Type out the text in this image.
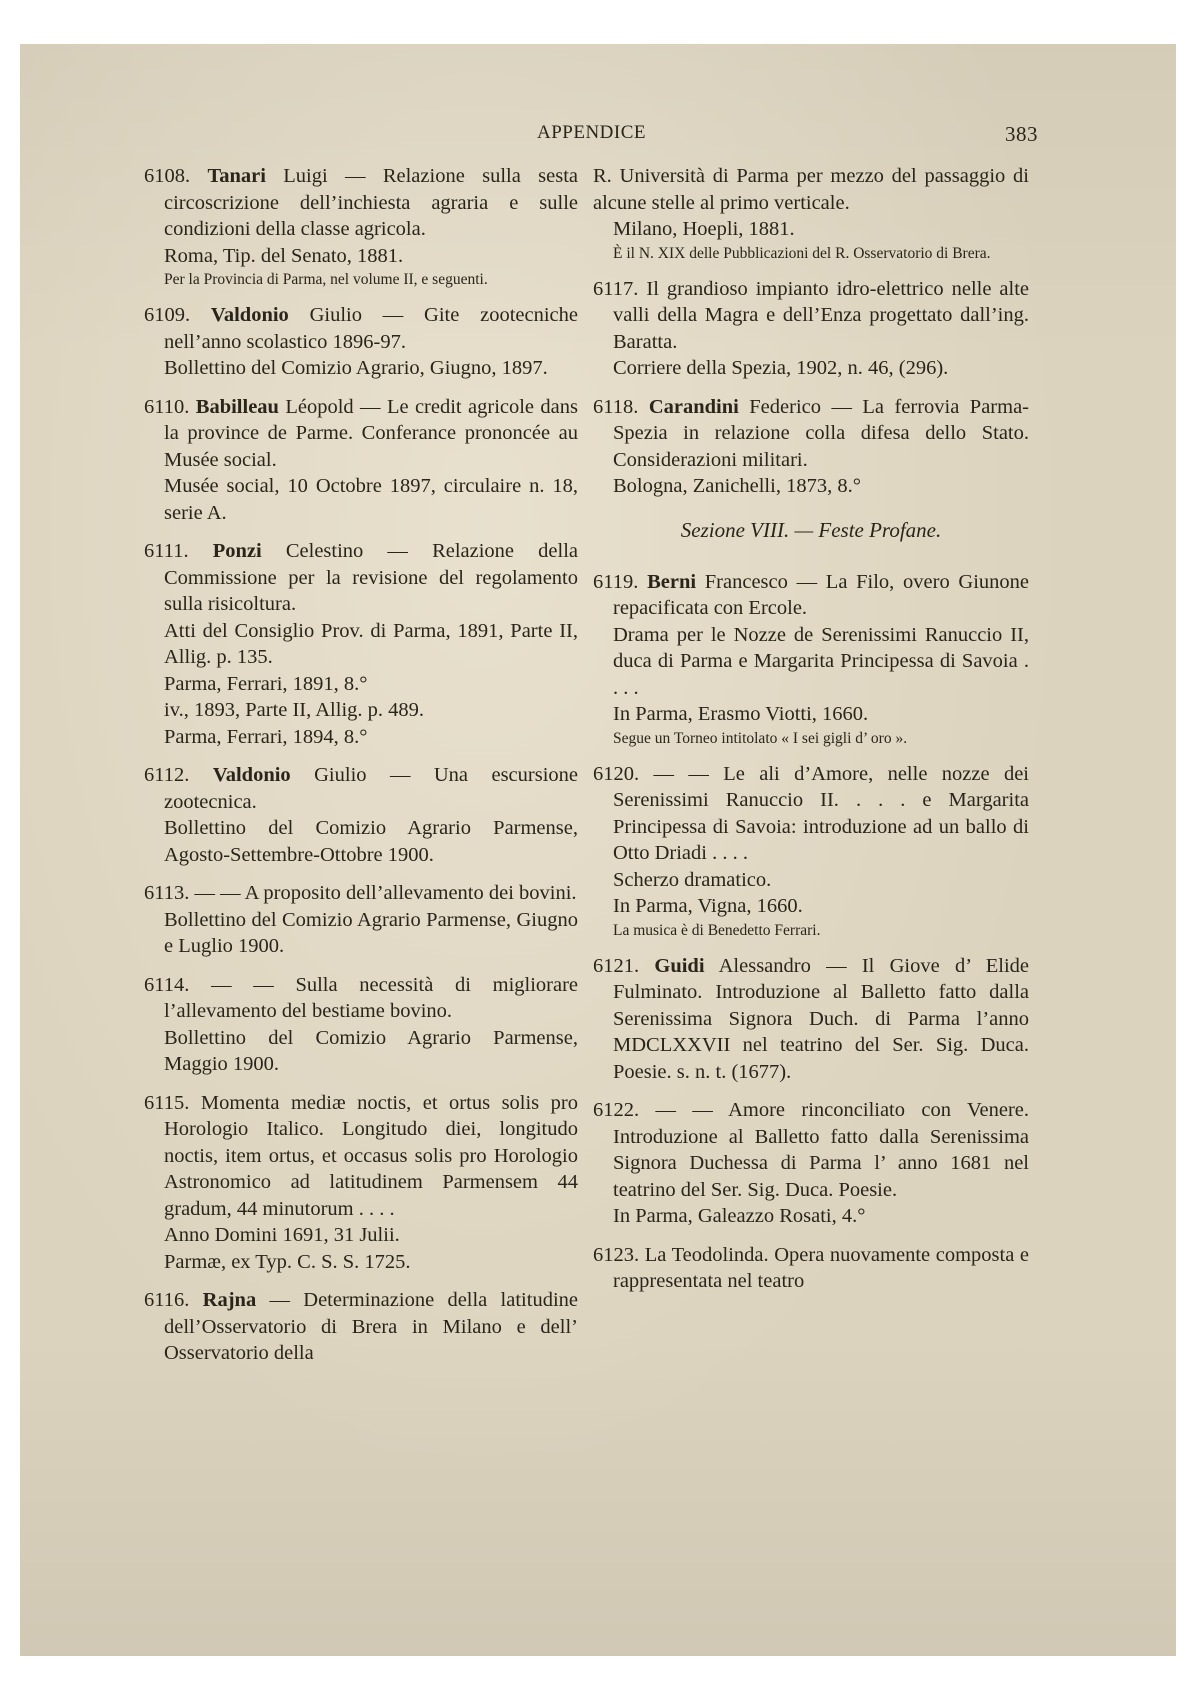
APPENDICE	383

6108. Tanari Luigi — Relazione sulla sesta circoscrizione dell’inchiesta agraria e sulle condizioni della classe agricola.

Roma, Tip. del Senato, 1881.

Per la Provincia di Parma, nel volume II, e seguenti.

6109. Valdonio Giulio — Gite zootecniche nell’anno scolastico 1896-97.

Bollettino del Comizio Agrario, Giugno, 1897.

6110. Babilleau Léopold — Le credit agricole dans la province de Parme. Conferance prononcée au Musée social.

Musée social, 10 Octobre 1897, circulaire n. 18, serie A.

6111. Ponzi Celestino — Relazione della Commissione per la revisione del regolamento sulla risicoltura.

Atti del Consiglio Prov. di Parma, 1891, Parte II, Allig. p. 135.

Parma, Ferrari, 1891, 8.°

iv., 1893, Parte II, Allig. p. 489.

Parma, Ferrari, 1894, 8.°

6112. Valdonio Giulio — Una escursione zootecnica.

Bollettino del Comizio Agrario Parmense, Agosto-Settembre-Ottobre 1900.

6113. — — A proposito dell’allevamento dei bovini.

Bollettino del Comizio Agrario Parmense, Giugno e Luglio 1900.

6114. — — Sulla necessità di migliorare l’allevamento del bestiame bovino.

Bollettino del Comizio Agrario Parmense, Maggio 1900.

6115. Momenta mediæ noctis, et ortus solis pro Horologio Italico. Longitudo diei, longitudo noctis, item ortus, et occasus solis pro Horologio Astronomico ad latitudinem Parmensem 44 gradum, 44 minutorum . . . .

Anno Domini 1691, 31 Julii.

Parmæ, ex Typ. C. S. S. 1725.

6116. Rajna — Determinazione della latitudine dell’Osservatorio di Brera in Milano e dell’ Osservatorio della

R. Università di Parma per mezzo del passaggio di alcune stelle al primo verticale.

Milano, Hoepli, 1881.

È il N. XIX delle Pubblicazioni del R. Osservatorio di Brera.

6117. Il grandioso impianto idro-elettrico nelle alte valli della Magra e dell’Enza progettato dall’ing. Baratta.

Corriere della Spezia, 1902, n. 46, (296).

6118. Carandini Federico — La ferrovia Parma-Spezia in relazione colla difesa dello Stato. Considerazioni militari.

Bologna, Zanichelli, 1873, 8.°

Sezione VIII. — Feste Profane.

6119. Berni Francesco — La Filo, overo Giunone repacificata con Ercole.

Drama per le Nozze de Serenissimi Ranuccio II, duca di Parma e Margarita Principessa di Savoia . . . .

In Parma, Erasmo Viotti, 1660.

Segue un Torneo intitolato « I sei gigli d’ oro ».

6120. — — Le ali d’Amore, nelle nozze dei Serenissimi Ranuccio II. . . . e Margarita Principessa di Savoia: introduzione ad un ballo di Otto Driadi . . . .

Scherzo dramatico.

In Parma, Vigna, 1660.

La musica è di Benedetto Ferrari.

6121. Guidi Alessandro — Il Giove d’ Elide Fulminato. Introduzione al Balletto fatto dalla Serenissima Signora Duch. di Parma l’anno MDCLXXVII nel teatrino del Ser. Sig. Duca. Poesie. s. n. t. (1677).

6122. — — Amore rinconciliato con Venere. Introduzione al Balletto fatto dalla Serenissima Signora Duchessa di Parma l’ anno 1681 nel teatrino del Ser. Sig. Duca. Poesie.

In Parma, Galeazzo Rosati, 4.°

6123. La Teodolinda. Opera nuovamente composta e rappresentata nel teatro
